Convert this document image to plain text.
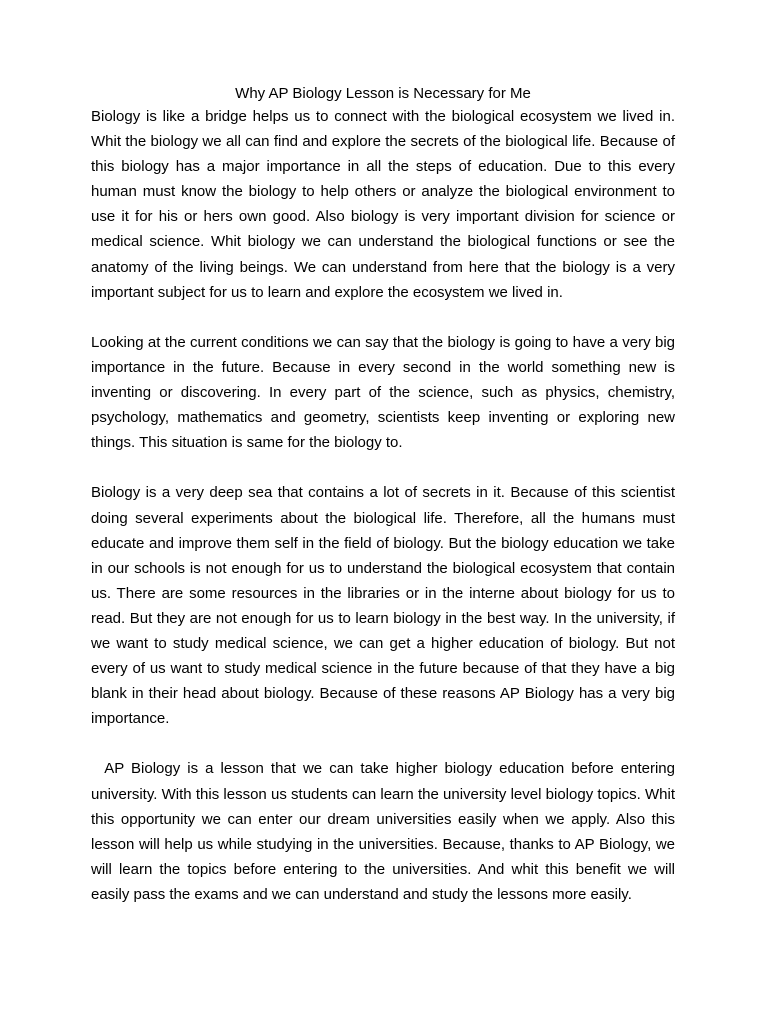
Why AP Biology Lesson is Necessary for Me

Biology is like a bridge helps us to connect with the biological ecosystem we lived in. Whit the biology we all can find and explore the secrets of the biological life. Because of this biology has a major importance in all the steps of education. Due to this every human must know the biology to help others or analyze the biological environment to use it for his or hers own good. Also biology is very important division for science or medical science. Whit biology we can understand the biological functions or see the anatomy of the living beings. We can understand from here that the biology is a very important subject for us to learn and explore the ecosystem we lived in.

Looking at the current conditions we can say that the biology is going to have a very big importance in the future. Because in every second in the world something new is inventing or discovering. In every part of the science, such as physics, chemistry, psychology, mathematics and geometry, scientists keep inventing or exploring new things. This situation is same for the biology to.

Biology is a very deep sea that contains a lot of secrets in it. Because of this scientist doing several experiments about the biological life. Therefore, all the humans must educate and improve them self in the field of biology. But the biology education we take in our schools is not enough for us to understand the biological ecosystem that contain us. There are some resources in the libraries or in the interne about biology for us to read. But they are not enough for us to learn biology in the best way. In the university, if we want to study medical science, we can get a higher education of biology. But not every of us want to study medical science in the future because of that they have a big blank in their head about biology. Because of these reasons AP Biology has a very big importance.

AP Biology is a lesson that we can take higher biology education before entering university. With this lesson us students can learn the university level biology topics. Whit this opportunity we can enter our dream universities easily when we apply. Also this lesson will help us while studying in the universities. Because, thanks to AP Biology, we will learn the topics before entering to the universities. And whit this benefit we will easily pass the exams and we can understand and study the lessons more easily.
